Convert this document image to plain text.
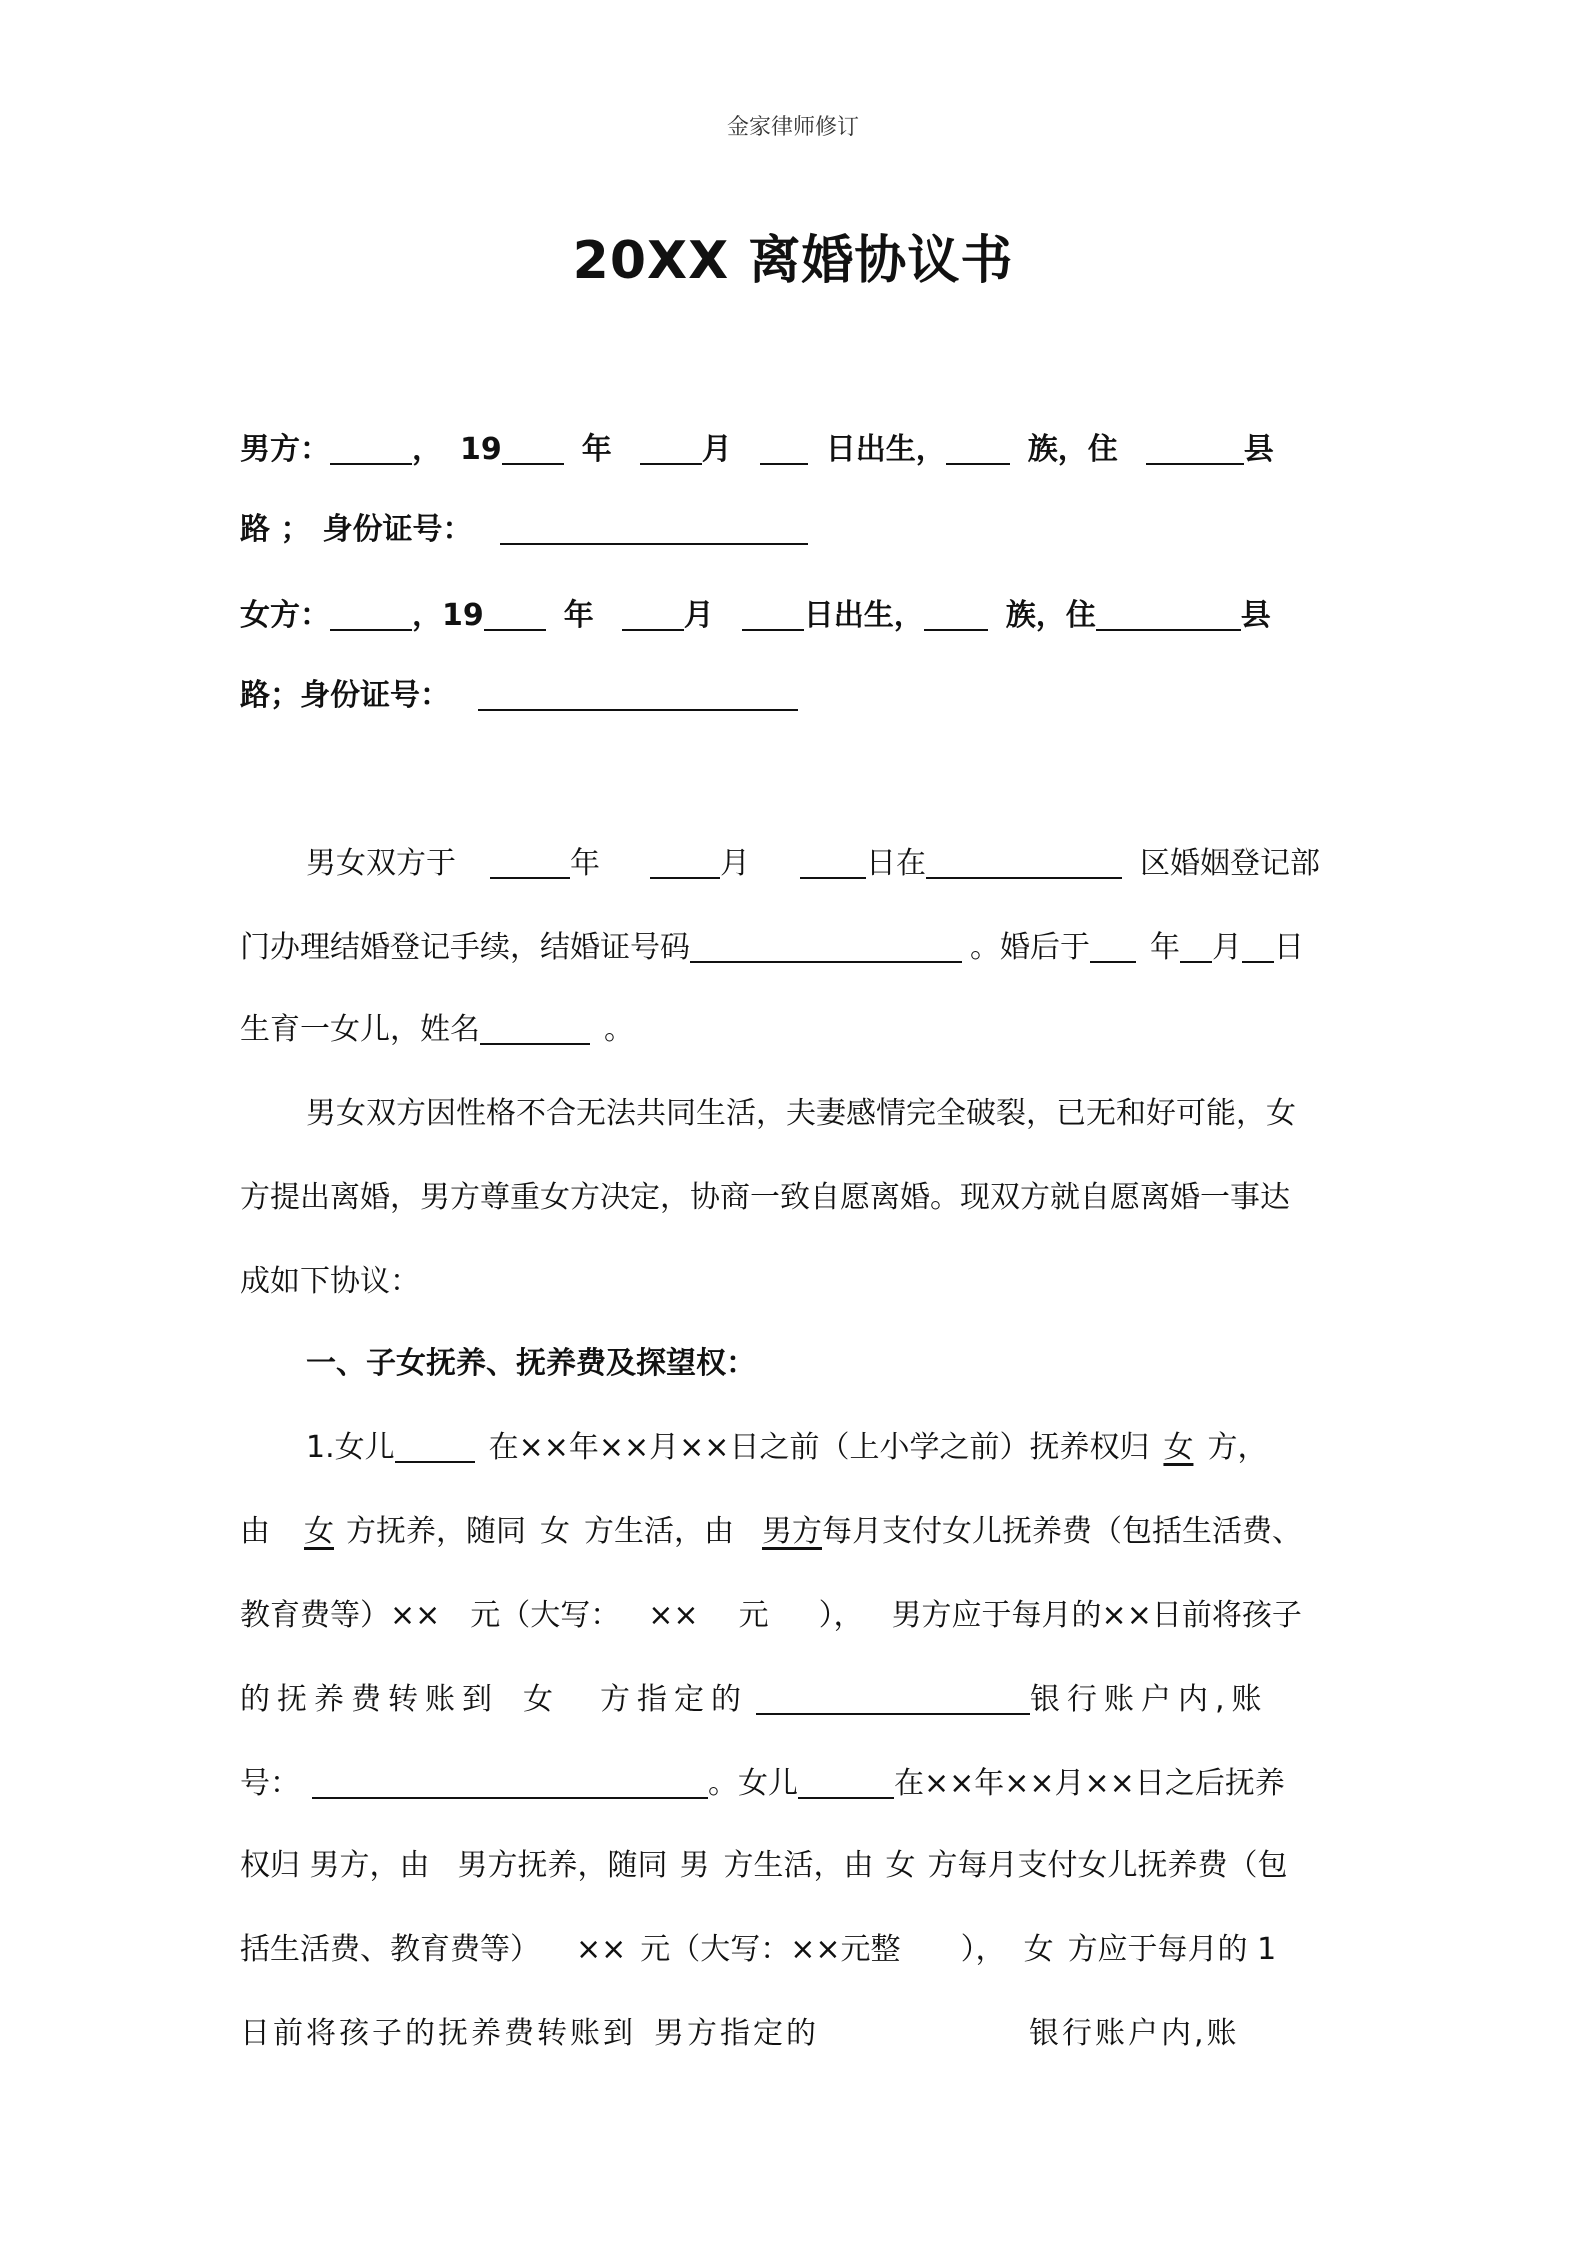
金家律师修订
20XX 离婚协议书
男方：	， 19	年	月	日出生，	族，住	县
路 ； 身份证号：
女方：	，19	年	月	日出生，	族，住	县
路；身份证号：
男女双方于	年	月	日在	区婚姻登记部
门办理结婚登记手续，结婚证号码	。婚后于 年 月 日
生育一女儿，姓名	。
男女双方因性格不合无法共同生活，夫妻感情完全破裂，已无和好可能，女
方提出离婚，男方尊重女方决定，协商一致自愿离婚。现双方就自愿离婚一事达
成如下协议：
一、子女抚养、抚养费及探望权：
1.女儿	在××年××月××日之前（上小学之前）抚养权归 女 方，
由 女 方抚养，随同 女 方生活，由 男方每月支付女儿抚养费（包括生活费、
教育费等）×× 元（大写： ×× 元 ）， 男方应于每月的××日前将孩子
的抚养费转账到 女 方指定的	银行账户内,账
号：	。女儿	在××年××月××日之后抚养
权归 男方，由 男方抚养，随同 男 方生活，由 女 方每月支付女儿抚养费（包
括生活费、教育费等） ×× 元（大写：××元整 ）， 女 方应于每月的 1
日前将孩子的抚养费转账到 男方指定的	银行账户内,账
